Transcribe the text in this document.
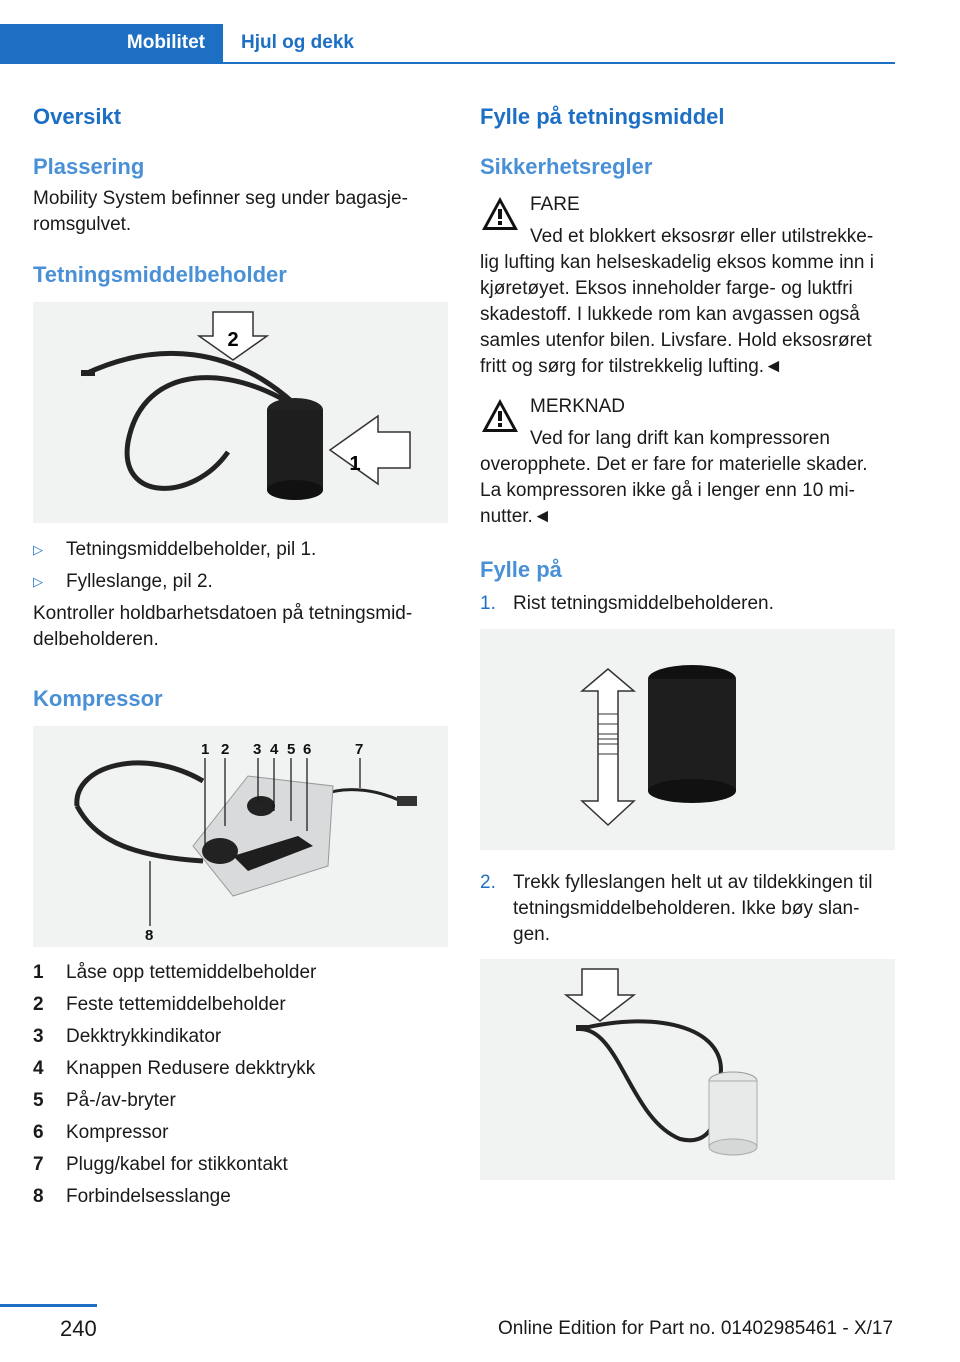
Mobilitet	Hjul og dekk
Oversikt
Plassering
Mobility System befinner seg under bagasje-
romsgulvet.
Tetningsmiddelbeholder
2
1
▷ Tetningsmiddelbeholder, pil 1.
▷ Fylleslange, pil 2.
Kontroller holdbarhetsdatoen på tetningsmid-
delbeholderen.
Kompressor
1 2 3 4 5 6	7
8
1 Låse opp tettemiddelbeholder
2 Feste tettemiddelbeholder
3 Dekktrykkindikator
4 Knappen Redusere dekktrykk
5 På-/av-bryter
6 Kompressor
7 Plugg/kabel for stikkontakt
8 Forbindelsesslange
Fylle på tetningsmiddel
Sikkerhetsregler
FARE
Ved et blokkert eksosrør eller utilstrekke-
lig lufting kan helseskadelig eksos komme inn i
kjøretøyet. Eksos inneholder farge- og luktfri
skadestoff. I lukkede rom kan avgassen også
samles utenfor bilen. Livsfare. Hold eksosrøret
fritt og sørg for tilstrekkelig lufting.◄
MERKNAD
Ved for lang drift kan kompressoren
overopphete. Det er fare for materielle skader.
La kompressoren ikke gå i lenger enn 10 mi-
nutter.◄
Fylle på
1. Rist tetningsmiddelbeholderen.
2. Trekk fylleslangen helt ut av tildekkingen til
tetningsmiddelbeholderen. Ikke bøy slan-
gen.
240	Online Edition for Part no. 01402985461 - X/17
